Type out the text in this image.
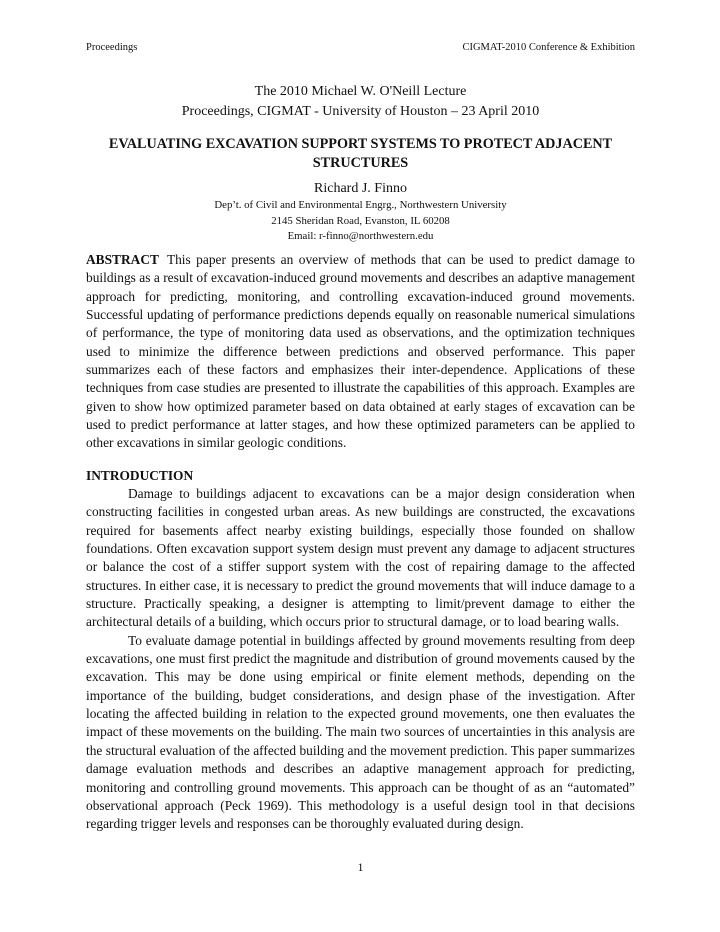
Proceedings	CIGMAT-2010 Conference & Exhibition
The 2010 Michael W. O'Neill Lecture
Proceedings, CIGMAT - University of Houston – 23 April 2010
EVALUATING EXCAVATION SUPPORT SYSTEMS TO PROTECT ADJACENT
STRUCTURES
Richard J. Finno
Dep’t. of Civil and Environmental Engrg., Northwestern University
2145 Sheridan Road, Evanston, IL 60208
Email: r-finno@northwestern.edu
ABSTRACT This paper presents an overview of methods that can be used to predict damage to buildings as a result of excavation-induced ground movements and describes an adaptive management approach for predicting, monitoring, and controlling excavation-induced ground movements. Successful updating of performance predictions depends equally on reasonable numerical simulations of performance, the type of monitoring data used as observations, and the optimization techniques used to minimize the difference between predictions and observed performance. This paper summarizes each of these factors and emphasizes their inter-dependence. Applications of these techniques from case studies are presented to illustrate the capabilities of this approach. Examples are given to show how optimized parameter based on data obtained at early stages of excavation can be used to predict performance at latter stages, and how these optimized parameters can be applied to other excavations in similar geologic conditions.
INTRODUCTION

Damage to buildings adjacent to excavations can be a major design consideration when constructing facilities in congested urban areas. As new buildings are constructed, the excavations required for basements affect nearby existing buildings, especially those founded on shallow foundations. Often excavation support system design must prevent any damage to adjacent structures or balance the cost of a stiffer support system with the cost of repairing damage to the affected structures. In either case, it is necessary to predict the ground movements that will induce damage to a structure. Practically speaking, a designer is attempting to limit/prevent damage to either the architectural details of a building, which occurs prior to structural damage, or to load bearing walls.

To evaluate damage potential in buildings affected by ground movements resulting from deep excavations, one must first predict the magnitude and distribution of ground movements caused by the excavation. This may be done using empirical or finite element methods, depending on the importance of the building, budget considerations, and design phase of the investigation. After locating the affected building in relation to the expected ground movements, one then evaluates the impact of these movements on the building. The main two sources of uncertainties in this analysis are the structural evaluation of the affected building and the movement prediction. This paper summarizes damage evaluation methods and describes an adaptive management approach for predicting, monitoring and controlling ground movements. This approach can be thought of as an “automated” observational approach (Peck 1969). This methodology is a useful design tool in that decisions regarding trigger levels and responses can be thoroughly evaluated during design.

1
